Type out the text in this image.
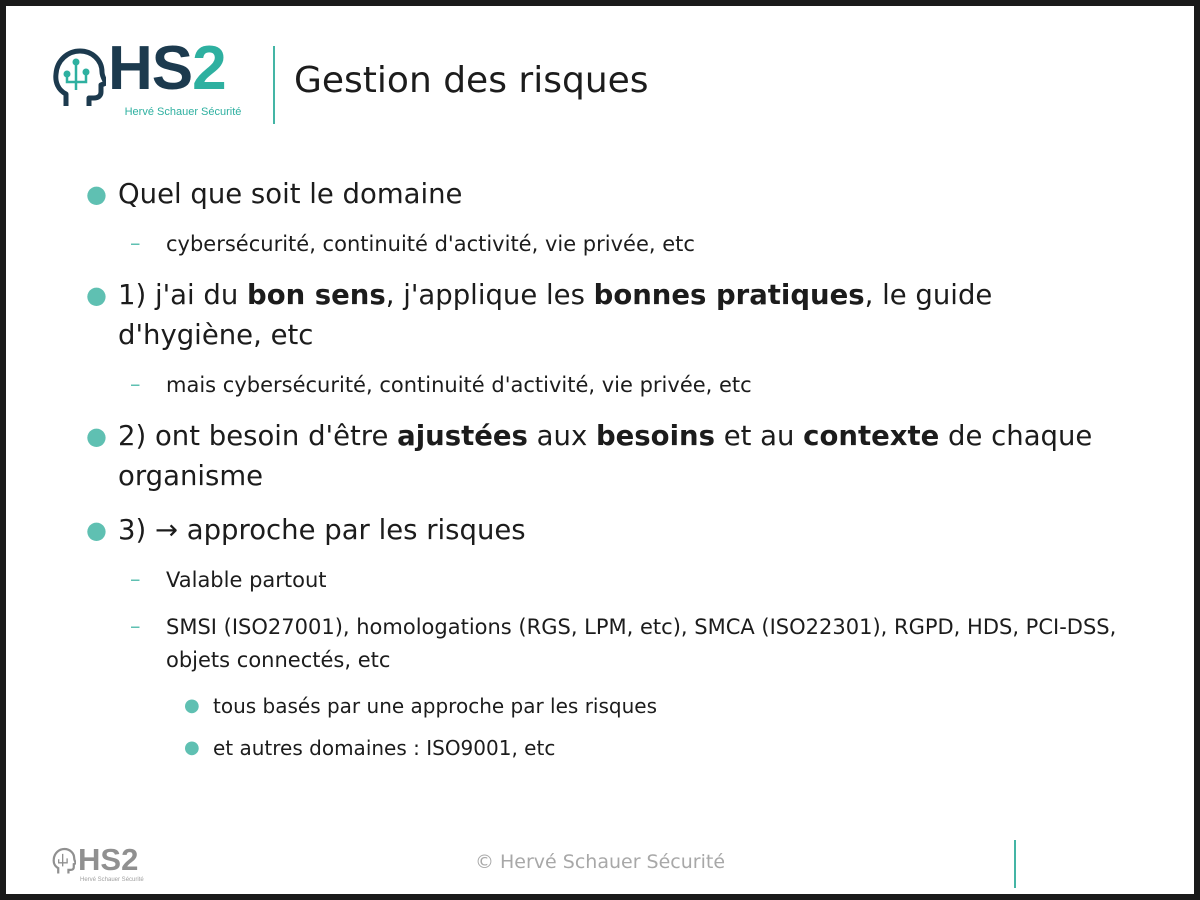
HS2
Hervé Schauer Sécurité
Gestion des risques
● Quel que soit le domaine
– cybersécurité, continuité d'activité, vie privée, etc
● 1) j'ai du bon sens, j'applique les bonnes pratiques, le guide d'hygiène, etc
– mais cybersécurité, continuité d'activité, vie privée, etc
● 2) ont besoin d'être ajustées aux besoins et au contexte de chaque organisme
● 3) → approche par les risques
– Valable partout
– SMSI (ISO27001), homologations (RGS, LPM, etc), SMCA (ISO22301), RGPD, HDS, PCI-DSS, objets connectés, etc
● tous basés par une approche par les risques
● et autres domaines : ISO9001, etc
HS2
Hervé Schauer Sécurité
© Hervé Schauer Sécurité
